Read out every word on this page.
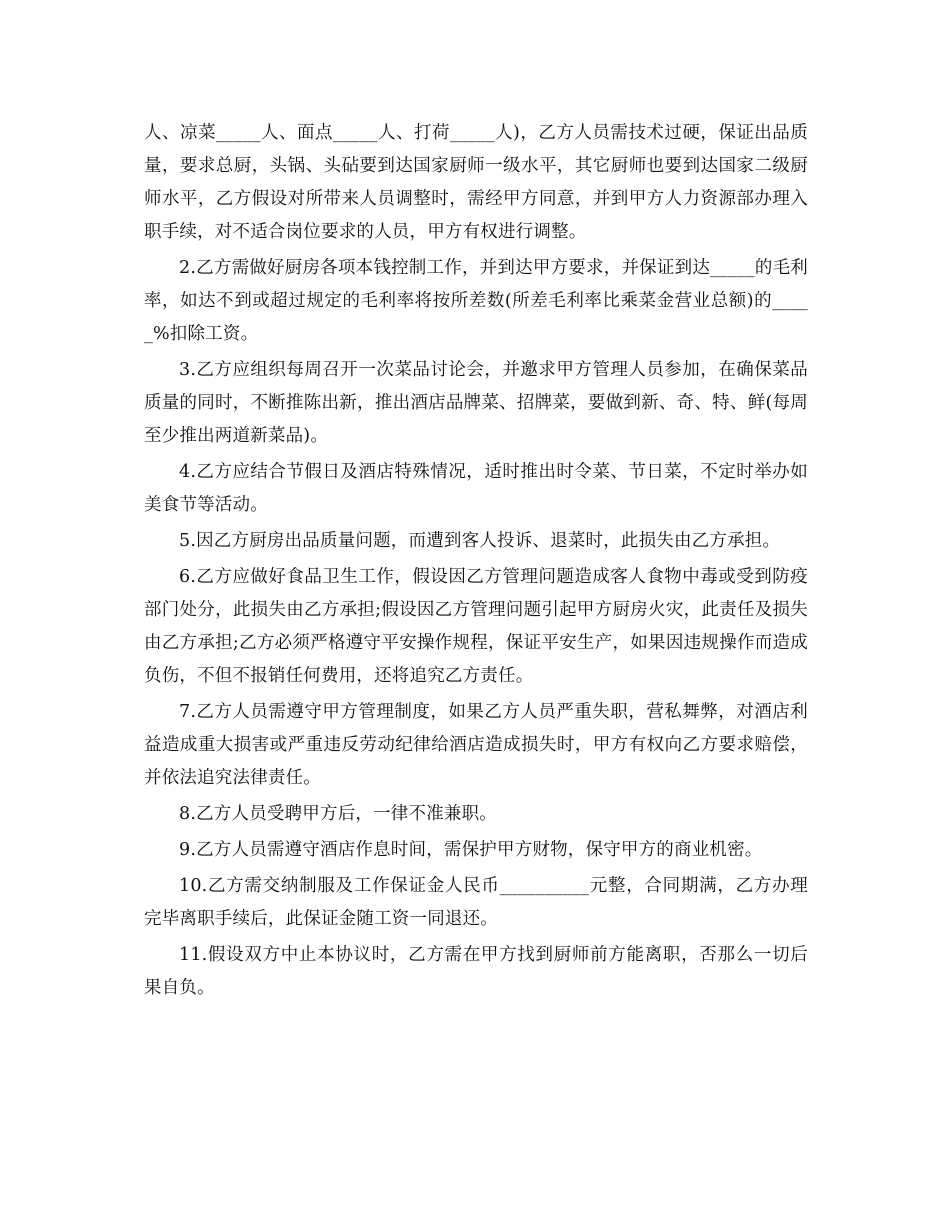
人、凉菜_____人、面点_____人、打荷_____人)，乙方人员需技术过硬，保证出品质量，要求总厨，头锅、头砧要到达国家厨师一级水平，其它厨师也要到达国家二级厨师水平，乙方假设对所带来人员调整时，需经甲方同意，并到甲方人力资源部办理入职手续，对不适合岗位要求的人员，甲方有权进行调整。

2.乙方需做好厨房各项本钱控制工作，并到达甲方要求，并保证到达_____的毛利率，如达不到或超过规定的毛利率将按所差数(所差毛利率比乘菜金营业总额)的_____%扣除工资。

3.乙方应组织每周召开一次菜品讨论会，并邀求甲方管理人员参加，在确保菜品质量的同时，不断推陈出新，推出酒店品牌菜、招牌菜，要做到新、奇、特、鲜(每周至少推出两道新菜品)。

4.乙方应结合节假日及酒店特殊情况，适时推出时令菜、节日菜，不定时举办如美食节等活动。

5.因乙方厨房出品质量问题，而遭到客人投诉、退菜时，此损失由乙方承担。

6.乙方应做好食品卫生工作，假设因乙方管理问题造成客人食物中毒或受到防疫部门处分，此损失由乙方承担;假设因乙方管理问题引起甲方厨房火灾，此责任及损失由乙方承担;乙方必须严格遵守平安操作规程，保证平安生产，如果因违规操作而造成负伤，不但不报销任何费用，还将追究乙方责任。

7.乙方人员需遵守甲方管理制度，如果乙方人员严重失职，营私舞弊，对酒店利益造成重大损害或严重违反劳动纪律给酒店造成损失时，甲方有权向乙方要求赔偿，并依法追究法律责任。

8.乙方人员受聘甲方后，一律不准兼职。

9.乙方人员需遵守酒店作息时间，需保护甲方财物，保守甲方的商业机密。

10.乙方需交纳制服及工作保证金人民币__________元整，合同期满，乙方办理完毕离职手续后，此保证金随工资一同退还。

11.假设双方中止本协议时，乙方需在甲方找到厨师前方能离职，否那么一切后果自负。
